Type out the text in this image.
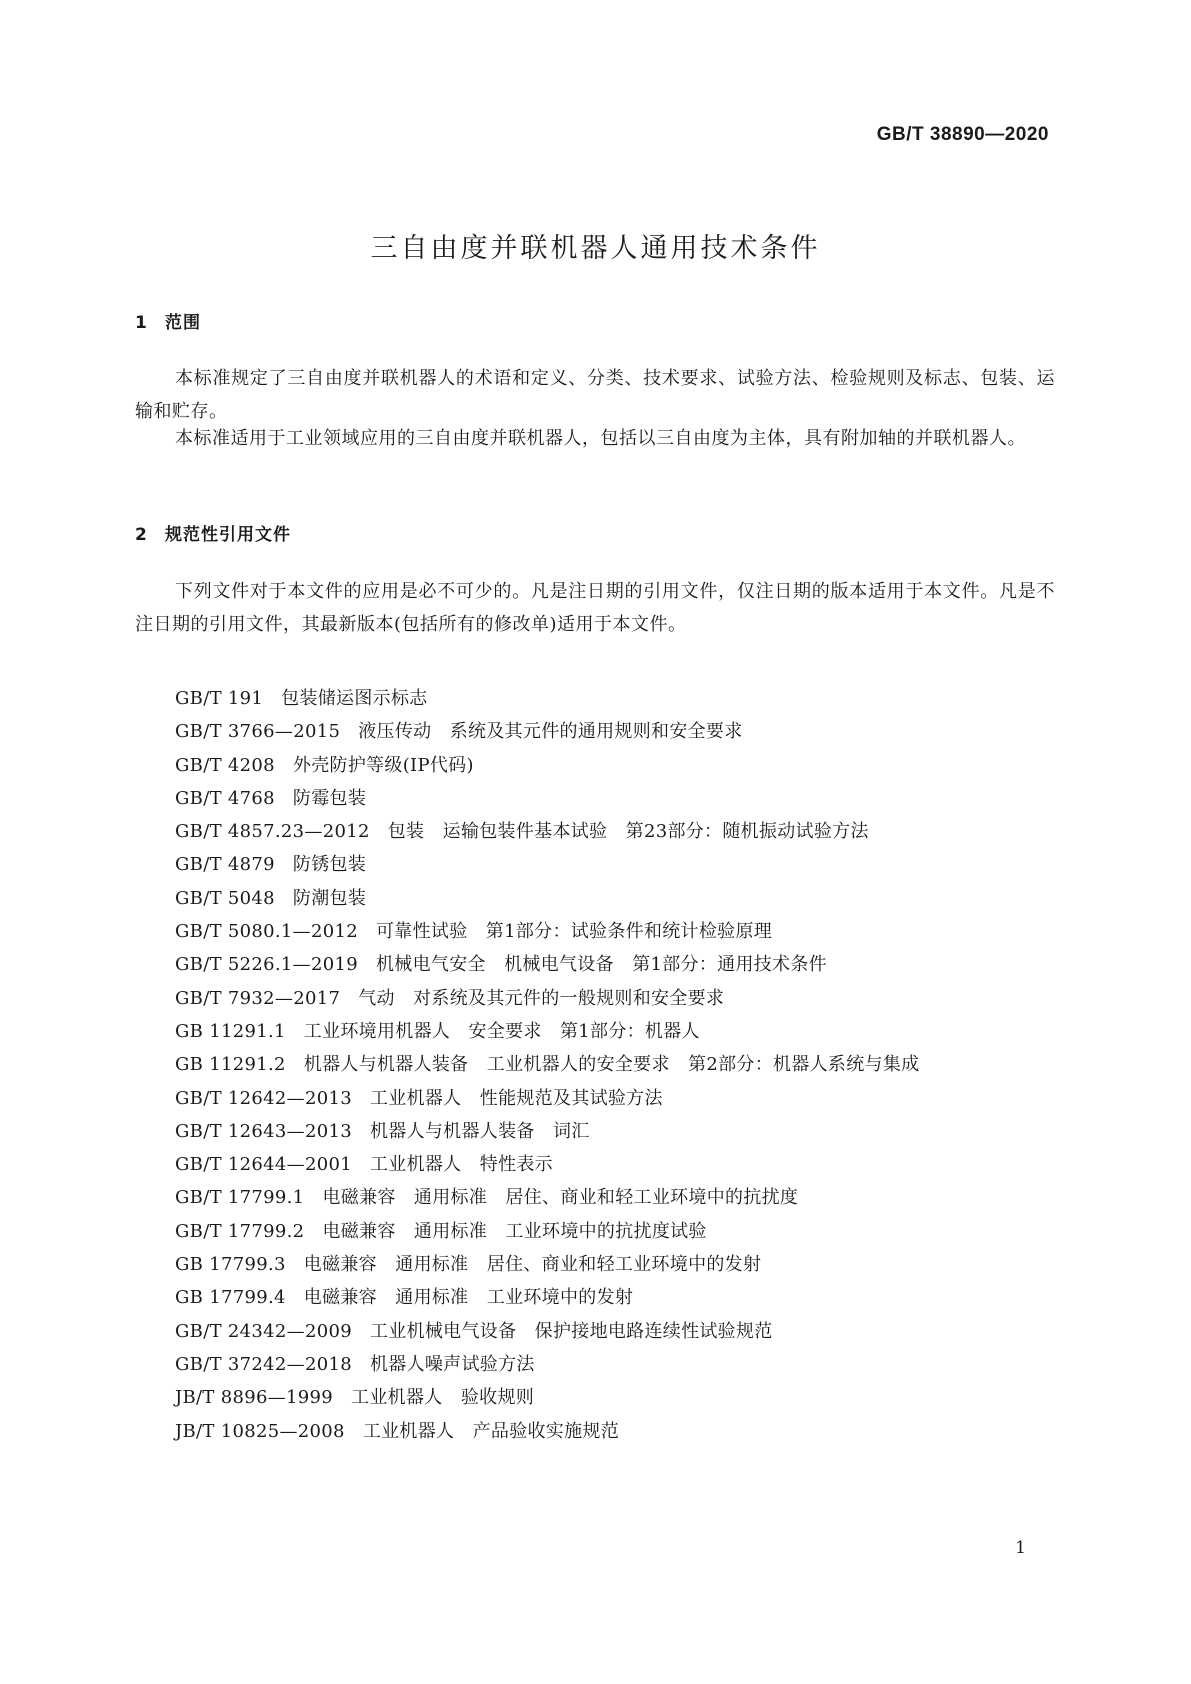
GB/T 38890—2020
三自由度并联机器人通用技术条件
1 范围
本标准规定了三自由度并联机器人的术语和定义、分类、技术要求、试验方法、检验规则及标志、包装、运输和贮存。
本标准适用于工业领域应用的三自由度并联机器人，包括以三自由度为主体，具有附加轴的并联机器人。
2 规范性引用文件
下列文件对于本文件的应用是必不可少的。凡是注日期的引用文件，仅注日期的版本适用于本文件。凡是不注日期的引用文件，其最新版本(包括所有的修改单)适用于本文件。
GB/T 191 包装储运图示标志
GB/T 3766—2015 液压传动　系统及其元件的通用规则和安全要求
GB/T 4208 外壳防护等级(IP代码)
GB/T 4768 防霉包装
GB/T 4857.23—2012 包装　运输包装件基本试验　第23部分：随机振动试验方法
GB/T 4879 防锈包装
GB/T 5048 防潮包装
GB/T 5080.1—2012 可靠性试验　第1部分：试验条件和统计检验原理
GB/T 5226.1—2019 机械电气安全　机械电气设备　第1部分：通用技术条件
GB/T 7932—2017 气动　对系统及其元件的一般规则和安全要求
GB 11291.1 工业环境用机器人　安全要求　第1部分：机器人
GB 11291.2 机器人与机器人装备　工业机器人的安全要求　第2部分：机器人系统与集成
GB/T 12642—2013 工业机器人　性能规范及其试验方法
GB/T 12643—2013 机器人与机器人装备　词汇
GB/T 12644—2001 工业机器人　特性表示
GB/T 17799.1 电磁兼容　通用标准　居住、商业和轻工业环境中的抗扰度
GB/T 17799.2 电磁兼容　通用标准　工业环境中的抗扰度试验
GB 17799.3 电磁兼容　通用标准　居住、商业和轻工业环境中的发射
GB 17799.4 电磁兼容　通用标准　工业环境中的发射
GB/T 24342—2009 工业机械电气设备　保护接地电路连续性试验规范
GB/T 37242—2018 机器人噪声试验方法
JB/T 8896—1999 工业机器人　验收规则
JB/T 10825—2008 工业机器人　产品验收实施规范
1
